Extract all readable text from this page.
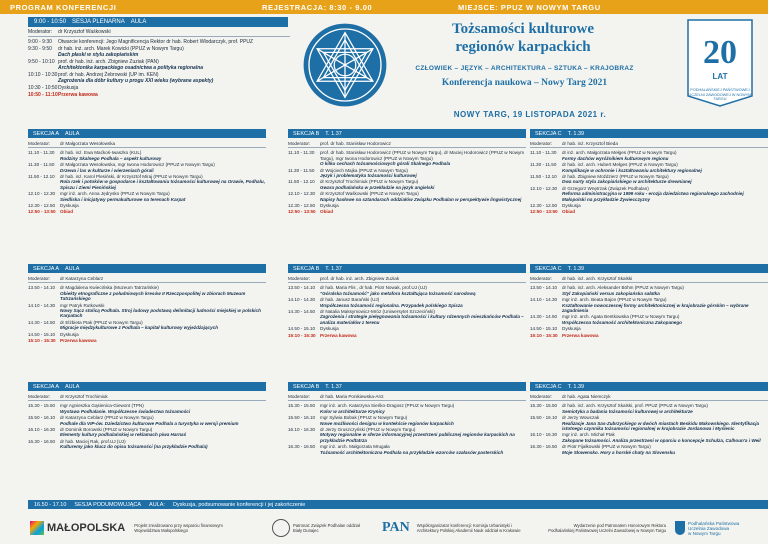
PROGRAM KONFERENCJI	REJESTRACJA: 8:30 - 9.00	MIEJSCE: PPUZ W NOWYM TARGU
9:00 - 10:50 SESJA PLENARNA AULA
Moderator:	dr Krzysztof Waśkowski
9:00 - 9:30	Otwarcie konferencji: Jego Magnificencja Rektor dr hab. Robert Włodarczyk, prof. PPUZ
9:30 - 9:50	dr hab. inż. arch. Marek Kowicki (PPUZ w Nowym Targu)
Dach płaski w stylu zakopiańskim
9:50 - 10:10 prof. dr hab. inż. arch. Zbigniew Zuziak (PAN)
Architektonika karpackiego osadnictwa a polityka regionalna
10:10 - 10:30 prof. dr hab. Andrzej Żebrowski (UP im. KEN)
Zagrożenia dla dóbr kultury u progu XXI wieku (wybrane aspekty)
10:30 - 10:50 Dyskusja
10:50 - 11:10 Przerwa kawowa
Tożsamości kulturowe
regionów karpackich
CZŁOWIEK – JĘZYK – ARCHITEKTURA – SZTUKA – KRAJOBRAZ
Konferencja naukowa – Nowy Targ 2021
NOWY TARG, 19 LISTOPADA 2021 r.
20
LAT
PODHALAŃSKIEJ PAŃSTWOWEJ UCZELNI ZAWODOWEJ W NOWYM TARGU
SEKCJA A AULA
Moderator:	dr Małgorzata Wesołowska
11.10 - 11.30	dr hab. inż. Ewa Maćkoś-Iwaszko (KUL)
Rodziny Skalnego Podhala – aspekt kulturowy
11.30 - 11.50	dr Małgorzata Wesołowska, mgr Iwona Hodorowicz (PPUZ w Nowym Targu)
Drzewa i las w kulturze i wierzeniach górali
11.50 - 12.10	dr hab. inż. Karol Plesiński, dr Krzysztof Miraj (PPUZ w Nowym Targu)
Rola rzek i potoków w gospodarce i kształtowaniu tożsamości kulturowej na Orawie, Podhalu, Spiszu i Ziemi Pienińskiej
12.10 - 12.30	mgr inż. arch. Anna Jędrysko (PPUZ w Nowym Targu)
Siedliska i inicjatywy permakulturowe na terenach Karpat
12.30 - 12.50	Dyskusja
12:50 - 13:50 Obiad
SEKCJA B T. 1.37
Moderator:	prof. dr hab. Stanisław Hodorowicz
11.10 - 11.30	prof. dr hab. Stanisław Hodorowicz (PPUZ w Nowym Targu), dr Maciej Hodorowicz (PPUZ w Nowym Targu), mgr Iwona Hodorowicz (PPUZ w Nowym Targu)
O kilku cechach tożsamościowych górali Skalnego Podhala
11.30 - 11.50	dr Wojciech Majka (PPUZ w Nowym Targu)
Język i problematyka tożsamości kulturowej
11.50 - 12.10	dr Krzysztof Trochimiuk (PPUZ w Nowym Targu)
Gwara podhalańska w przekładzie na język angielski
12.10 - 12.30	dr Krzysztof Waśkowski (PPUZ w Nowym Targu)
Napisy hasłowe na sztandarach oddziałów Związku Podhalan w perspektywie lingwistycznej
12.30 - 12.50	Dyskusja
12:50 - 13:50 Obiad
SEKCJA C T. 1.39
Moderator:	dr hab. inż. Krzysztof Bieda
11.10 - 11.30	dr inż. arch. Małgorzata Mełges (PPUZ w Nowym Targu)
Formy dachów wyróżnikiem kulturowym regionu
11.30 - 11.50	dr hab. inż. arch. Hubert Mełges (PPUZ w Nowym Targu)
Komplikacje w ochronie i kształtowaniu architektury regionalnej
11.50 - 12.10	dr hab. Zbigniew Moździerz (PPUZ w Nowym Targu)
Dwa nurty stylu zakopiańskiego w architekturze drewnianej
12.10 - 12.30	dr Grzegorz Wnętrzak (Związek Podhalan)
Reforma administracyjna w 1999 roku - erozja dziedzictwa regionalnego zachodniej Małopolski na przykładzie Żywiecczyzny
12.30 - 12.50	Dyskusja
12:50 - 13:50 Obiad
SEKCJA A AULA
Moderator:	dr Katarzyna Ceblarz
13.50 - 14.10	dr Magdalena Kwiecińska (Muzeum Tatrzańskie)
Obiekty etnograficzne z południowych kresów II Rzeczpospolitej w zbiorach Muzeum Tatrzańskiego
14.10 - 14.30	mgr Patryk Rutkowski
Nowy Sącz stolicą Podhala. Stroj ludowy podstawą delimitacji ludności miejskiej w polskich Karpatach
14.30 - 14.50	dr Elżbieta Ptak (PPUZ w Nowym Targu)
Migracje międzykulturowe z Podhala – kapitał kulturowy wyjeżdżających
14.50 - 15.10	Dyskusja
15:10 - 15:30 Przerwa kawowa
SEKCJA B T. 1.37
Moderator:	prof. dr hab. inż. arch. Zbigniew Zuziak
13.50 - 14.10	dr hab. Maria Flis , dr hab. Piotr Nowak, prof.UJ (UJ)
"Góralska tożsamość" jako metafora kształtująca tożsamość narodową
14.10 - 14.30	dr hab. Janusz Barański (UJ)
Współczesna tożsamość regionalna. Przypadek polskiego Spisza
14.30 - 14.50	dr Natalia Maksymowicz-Mróz (Uniwersytet Szczeciński)
Zagrożenia i strategie pielęgnowania tożsamości i kultury rdzennych mieszkańców Podhala – analiza materiałów z terenu
14.50 - 15.10	Dyskusja
15:10 - 15:30 Przerwa kawowa
SEKCJA C T. 1.39
Moderator:	dr hab. inż. arch. Krzysztof Skalski
13.50 - 14.10	dr hab. inż. arch. Aleksander Böhm (PPUZ w Nowym Targu)
Styl Zakopiański versus zakopiańska sałatka
14.10 - 14.30	mgr inż. arch. Beata Bajon (PPUZ w Nowym Targu)
Kształtowanie nowoczesnej formy architektonicznej w krajobrazie górskim – wybrane zagadnienia
14.30 - 14.50	mgr inż. arch. Agata Bentkowska (PPUZ w Nowym Targu)
Współczesna tożsamość architektoniczna Zakopanego
14.50 - 15.10	Dyskusja
15:10 - 15:30 Przerwa kawowa
SEKCJA A AULA
Moderator:	dr Krzysztof Trochimiuk
15.30 - 15.50	mgr Agnieszka Gąsienica-Giewont (TPN)
Wystawa Podhalanie. Współczesne świadectwa tożsamości
15.50 - 16.10	dr Katarzyna Ceblarz (PPUZ w Nowym Targu)
Podhale dla VIP-ów. Dziedzictwo kulturowe Podhala a turystyka w wersji premium
16.10 - 16.30	dr Dominik Borowski (PPUZ w Nowym Targu)
Elementy kultury podhalańskiej w reklamach piwa Harnaś
16.30 - 16.50	dr hab. Maciej Rak, prof.UJ (UJ)
Kulturemy jako klucz do opisu tożsamości (na przykładzie Podhala)
SEKCJA B T. 1.37
Moderator:	dr hab. Maria Ponikiewska-Arct
15.30 - 15.50	mgr inż. arch. Katarzyna Sieńko-Dragosz (PPUZ w Nowym Targu)
Kolor w architekturze Krynicy
15.50 - 16.10	mgr Sylwia Bobak (PPUZ w Nowym Targu)
Nowe możliwości designu w kontekście regionów karpackich
16.10 - 16.30	dr Jerzy Gruszczyński (PPUZ w Nowym Targu)
Motywy regionalne w sferze informacyjnej przestrzeni publicznej regionów karpackich na przykładzie Podtatrza
16.30 - 16.50	mgr inż. arch. Małgorzata Mrugała
Tożsamość architektoniczna Podhala na przykładzie wzorców szałasów pasterskich
SEKCJA C T. 1.39
Moderator:	dr hab. Agata Niemczyk
15.30 - 15.50	dr hab. inż. arch. Krzysztof Skalski, prof. PPUZ (PPUZ w Nowym Targu)
Semiotyka a badania tożsamości kulturowej w architekturze
15.50 - 16.10	dr Jerzy Wowczak
Realizacje Jana Sas-Zubrzyckiego w dwóch miastach Beskidu Makowskiego. Identyfikacja istotnego czynnika tożsamości regionalnej w krajobrazie Jordanowa i Myślenic
16.10 - 16.30	mgr inż. arch. Michał Ptak
Zakopane tożsamości. Analiza przestrzeni w oparciu o koncepcje Schulza, Calhoun'a i Weil
16.30 - 16.50	dr Piotr Fijałkowski (PPUZ w Nowym Targu)
Moje Słowensko. Hory a horské chaty na Slovensku
16.50 - 17.10 SESJA PODUMOWUJĄCA AULA: Dyskusja, podsumowanie konferencji i jej zakończenie
MAŁOPOLSKA Projekt zrealizowano przy wsparciu finansowym Województwa Małopolskiego
Patronat: Związek Podhalan oddział Biały Dunajec	PAN Współorganizator konferencji: Komisja Urbanistyki i Architektury Polskiej Akademii Nauk oddział w Krakowie
Wydarzenie pod Patronatem Honorowym Rektora Podhalańskiej Państwowej Uczelni Zawodowej w Nowym Targu
Podhalańska Państwowa Uczelnia Zawodowa
w Nowym Targu
